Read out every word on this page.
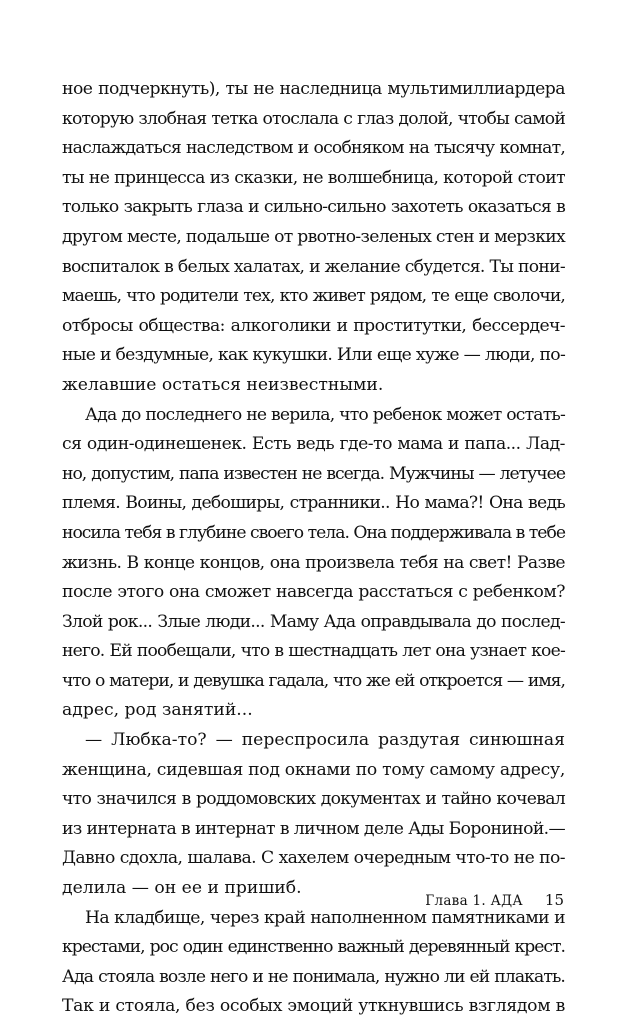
ное подчеркнуть), ты не наследница мультимиллиардера
которую злобная тетка отослала с глаз долой, чтобы самой
наслаждаться наследством и особняком на тысячу комнат,
ты не принцесса из сказки, не волшебница, которой стоит
только закрыть глаза и сильно-сильно захотеть оказаться в
другом месте, подальше от рвотно-зеленых стен и мерзких
воспиталок в белых халатах, и желание сбудется. Ты пони-
маешь, что родители тех, кто живет рядом, те еще сволочи,
отбросы общества: алкоголики и проститутки, бессердеч-
ные и бездумные, как кукушки. Или еще хуже — люди, по-
желавшие остаться неизвестными.
Ада до последнего не верила, что ребенок может остать-
ся один-одинешенек. Есть ведь где-то мама и папа... Лад-
но, допустим, папа известен не всегда. Мужчины — летучее
племя. Воины, дебоширы, странники.. Но мама?! Она ведь
носила тебя в глубине своего тела. Она поддерживала в тебе
жизнь. В конце концов, она произвела тебя на свет! Разве
после этого она сможет навсегда расстаться с ребенком?
Злой рок... Злые люди... Маму Ада оправдывала до послед-
него. Ей пообещали, что в шестнадцать лет она узнает кое-
что о матери, и девушка гадала, что же ей откроется — имя,
адрес, род занятий...
— Любка-то? — переспросила раздутая синюшная
женщина, сидевшая под окнами по тому самому адресу,
что значился в роддомовских документах и тайно кочевал
из интерната в интернат в личном деле Ады Борониной.—
Давно сдохла, шалава. С хахелем очередным что-то не по-
делила — он ее и пришиб.
На кладбище, через край наполненном памятниками и
крестами, рос один единственно важный деревянный крест.
Ада стояла возле него и не понимала, нужно ли ей плакать.
Так и стояла, без особых эмоций уткнувшись взглядом в
Глава 1. АДА 15
